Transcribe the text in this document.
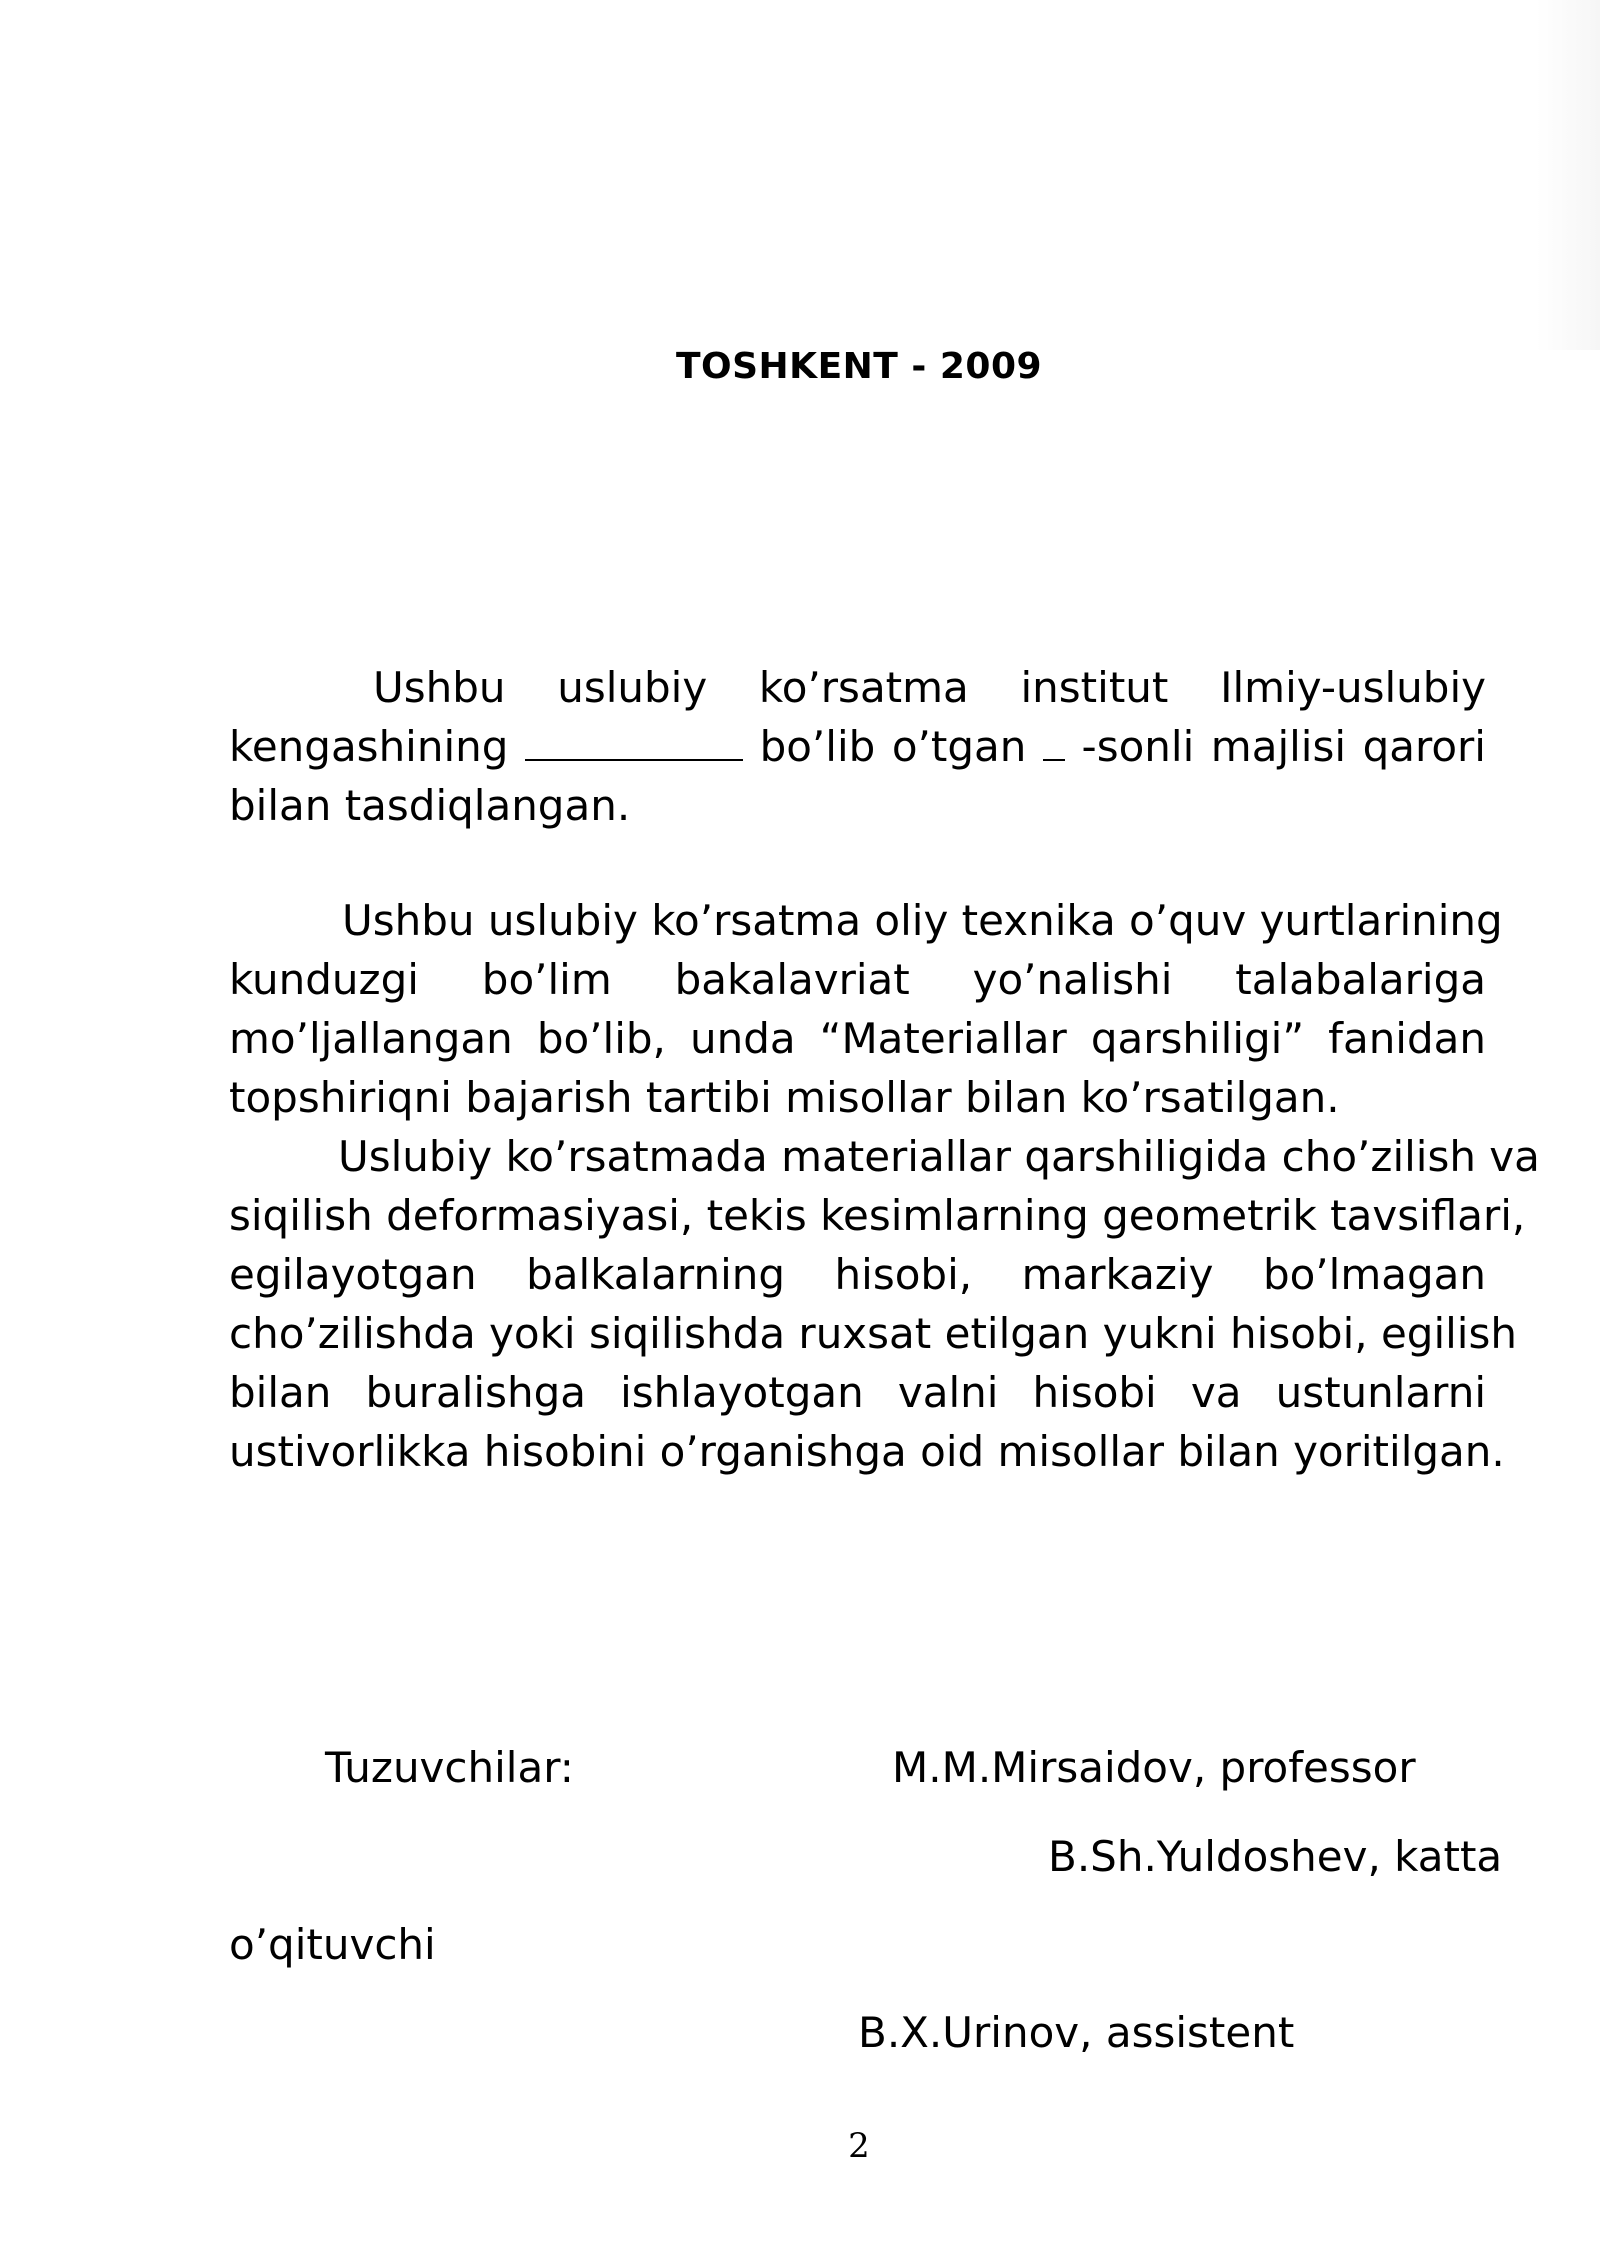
TOSHKENT - 2009
Ushbu uslubiy ko’rsatma institut Ilmiy-uslubiy
kengashining	bo’lib o’tgan -sonli majlisi qarori
bilan tasdiqlangan.
Ushbu uslubiy ko’rsatma oliy texnika o’quv yurtlarining
kunduzgi bo’lim bakalavriat yo’nalishi talabalariga
mo’ljallangan bo’lib, unda “Materiallar qarshiligi” fanidan
topshiriqni bajarish tartibi misollar bilan ko’rsatilgan.
Uslubiy ko’rsatmada materiallar qarshiligida cho’zilish va
siqilish deformasiyasi, tekis kesimlarning geometrik tavsiflari,
egilayotgan balkalarning hisobi, markaziy bo’lmagan
cho’zilishda yoki siqilishda ruxsat etilgan yukni hisobi, egilish
bilan buralishga ishlayotgan valni hisobi va ustunlarni
ustivorlikka hisobini o’rganishga oid misollar bilan yoritilgan.
Tuzuvchilar:	M.M.Mirsaidov, professor
B.Sh.Yuldoshev, katta
o’qituvchi
B.X.Urinov, assistent
2
